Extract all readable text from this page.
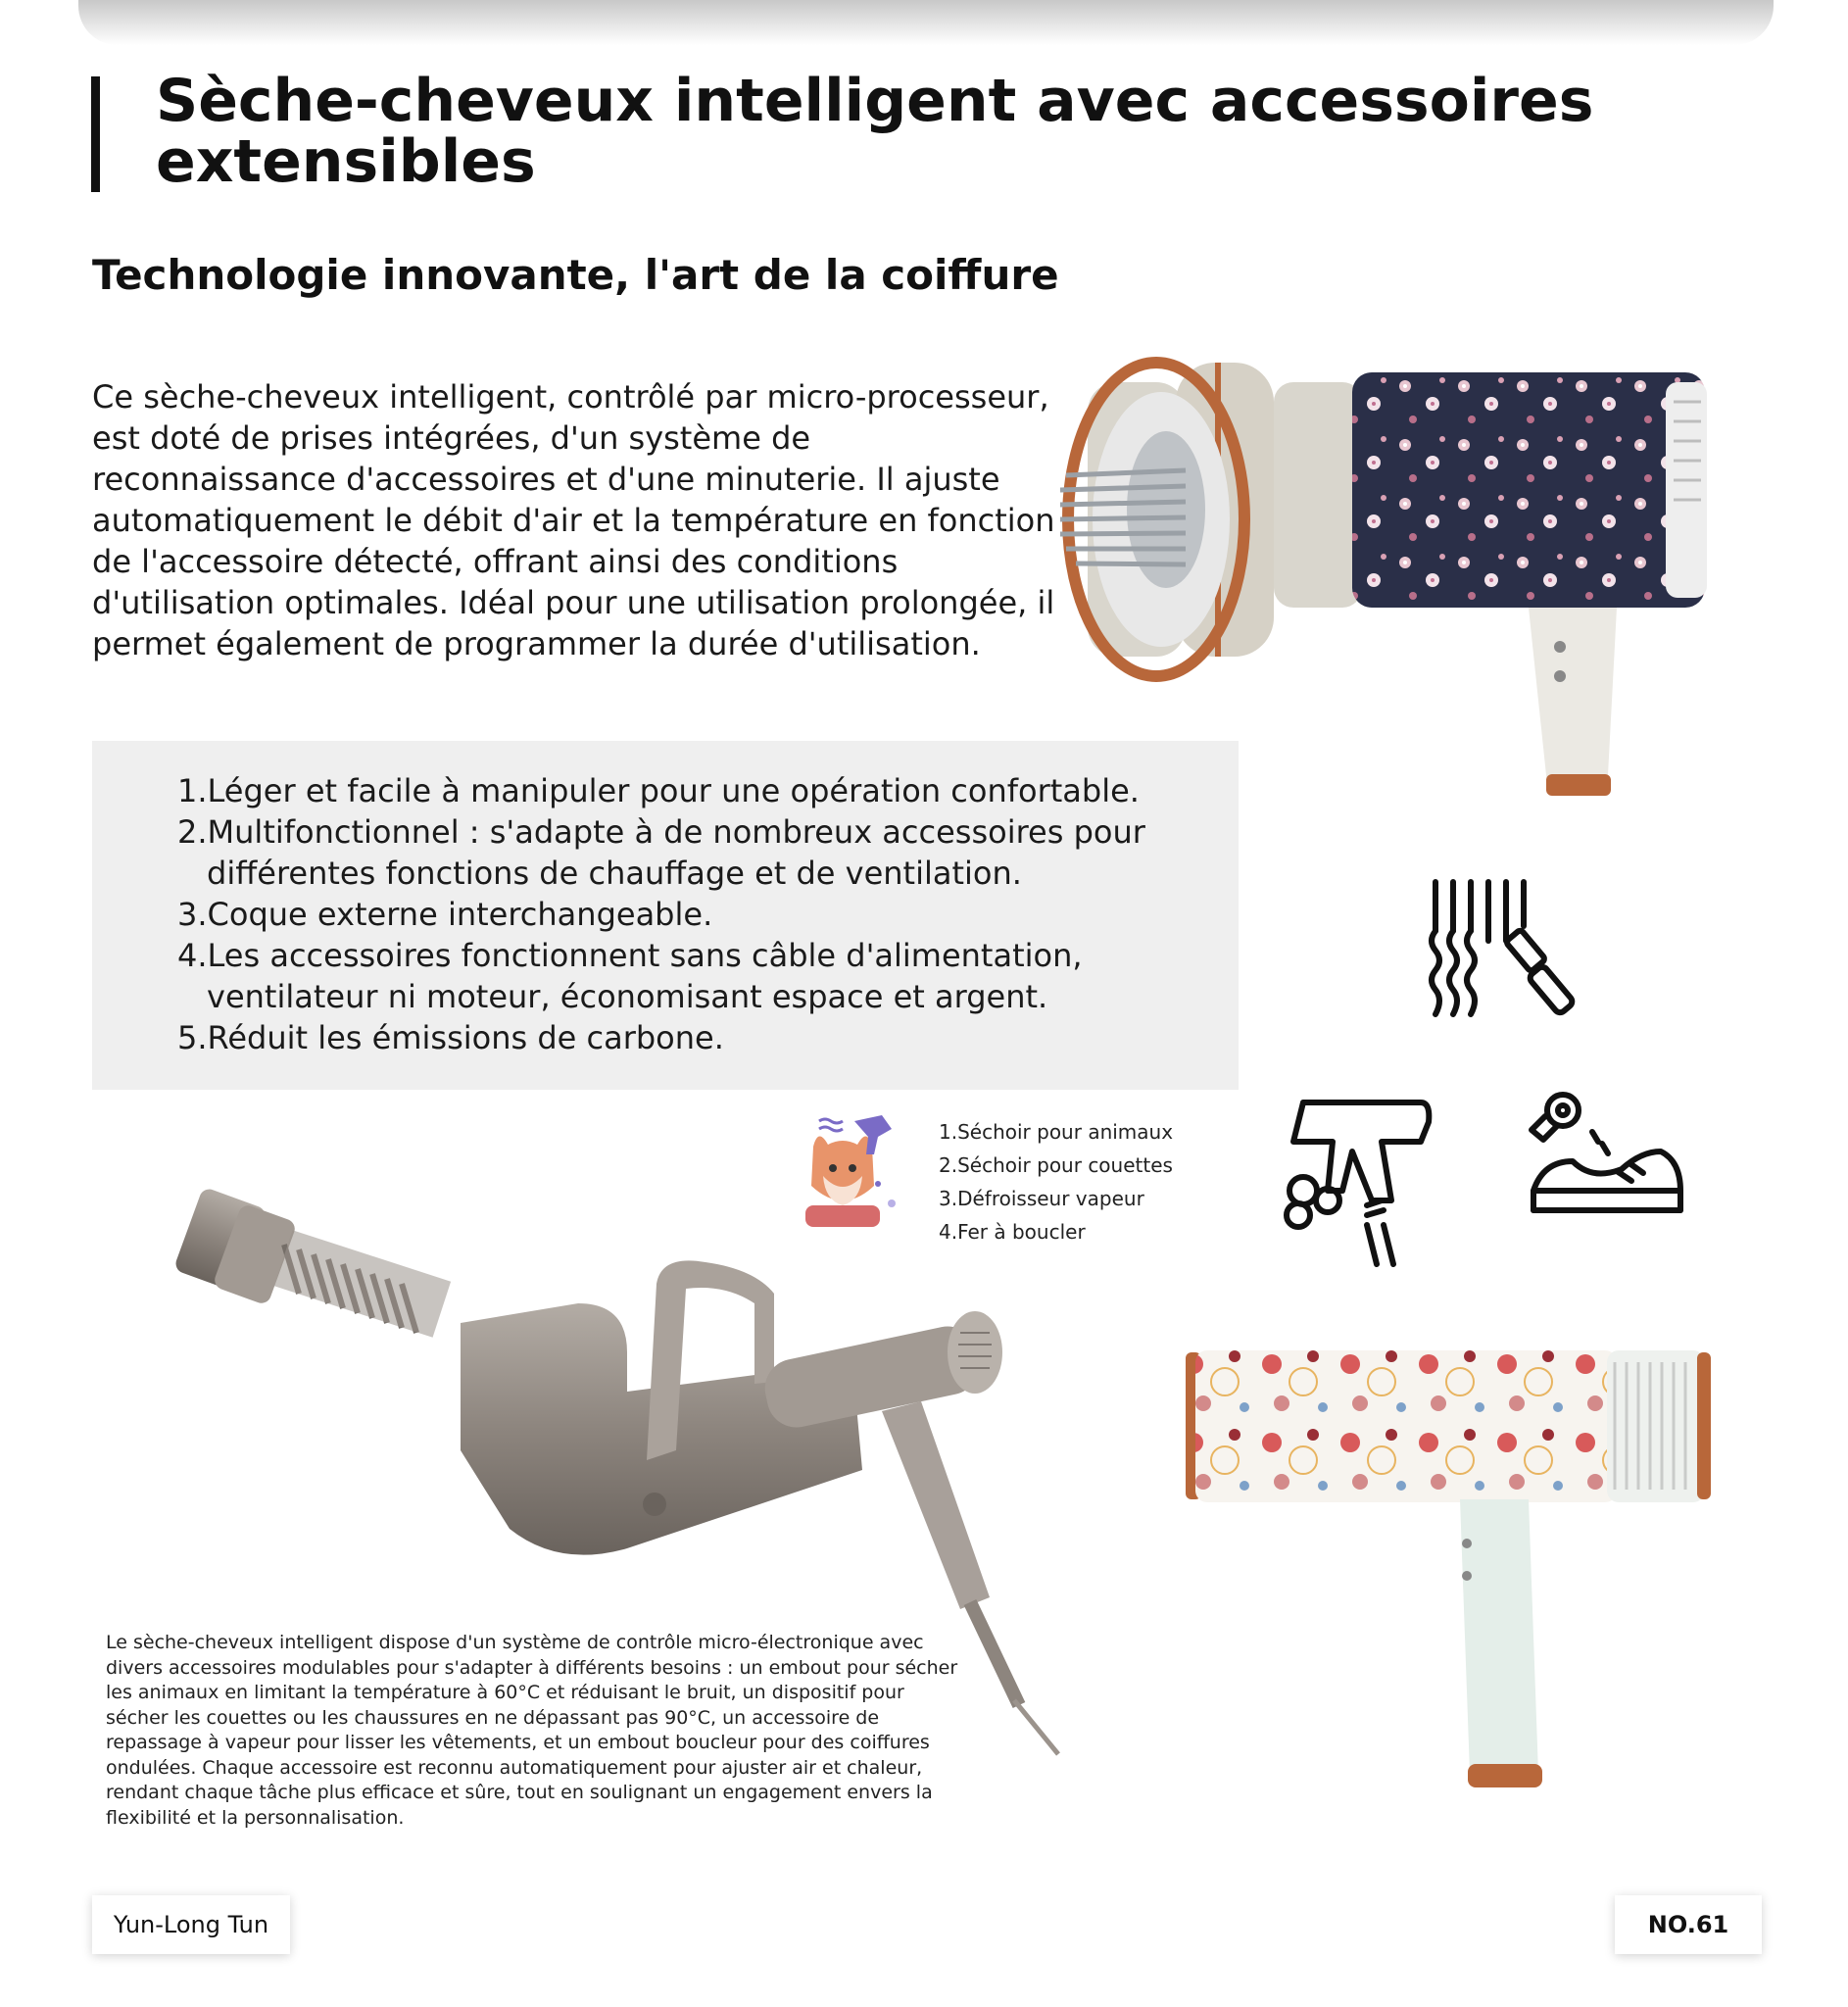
Sèche-cheveux intelligent avec accessoires extensibles
Technologie innovante, l'art de la coiffure

Ce sèche-cheveux intelligent, contrôlé par micro-processeur, est doté de prises intégrées, d'un système de reconnaissance d'accessoires et d'une minuterie. Il ajuste automatiquement le débit d'air et la température en fonction de l'accessoire détecté, offrant ainsi des conditions d'utilisation optimales. Idéal pour une utilisation prolongée, il permet également de programmer la durée d'utilisation.

1.Léger et facile à manipuler pour une opération confortable.
2.Multifonctionnel : s'adapte à de nombreux accessoires pour différentes fonctions de chauffage et de ventilation.
3.Coque externe interchangeable.
4.Les accessoires fonctionnent sans câble d'alimentation, ventilateur ni moteur, économisant espace et argent.
5.Réduit les émissions de carbone.
1.Séchoir pour animaux
2.Séchoir pour couettes
3.Défroisseur vapeur
4.Fer à boucler

Le sèche-cheveux intelligent dispose d'un système de contrôle micro-électronique avec divers accessoires modulables pour s'adapter à différents besoins : un embout pour sécher les animaux en limitant la température à 60°C et réduisant le bruit, un dispositif pour sécher les couettes ou les chaussures en ne dépassant pas 90°C, un accessoire de repassage à vapeur pour lisser les vêtements, et un embout boucleur pour des coiffures ondulées. Chaque accessoire est reconnu automatiquement pour ajuster air et chaleur, rendant chaque tâche plus efficace et sûre, tout en soulignant un engagement envers la flexibilité et la personnalisation.

Yun-Long Tun	NO.61
